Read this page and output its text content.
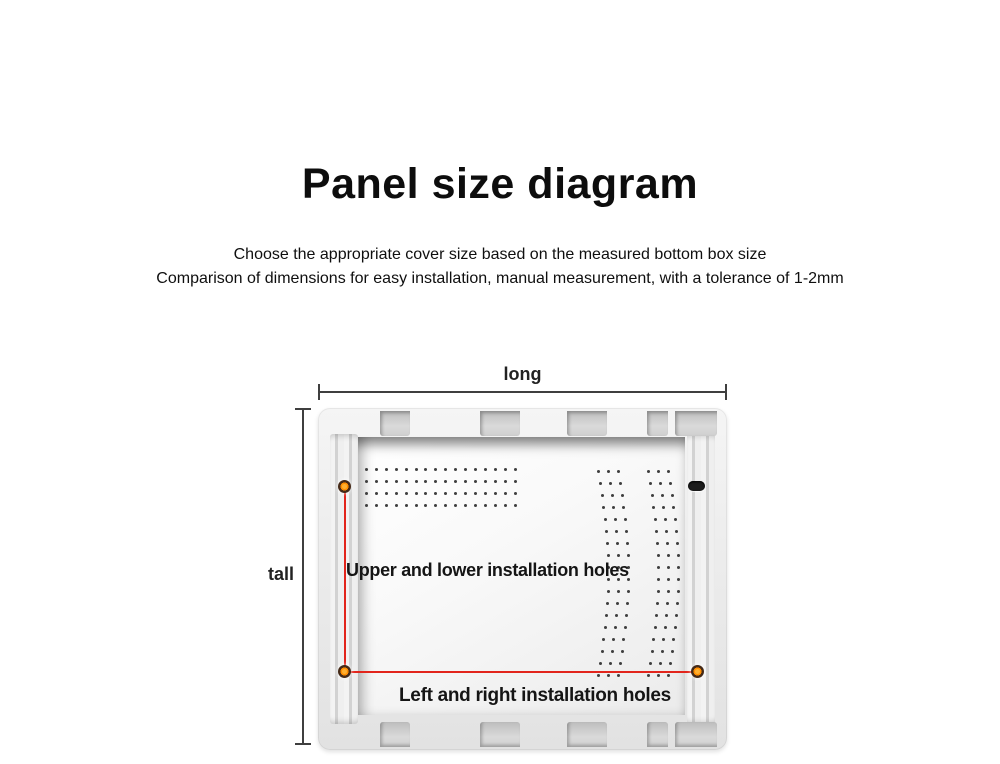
Panel size diagram
Choose the appropriate cover size based on the measured bottom box size
Comparison of dimensions for easy installation, manual measurement, with a tolerance of 1-2mm
long
tall	Upper and lower installation holes
Left and right installation holes
